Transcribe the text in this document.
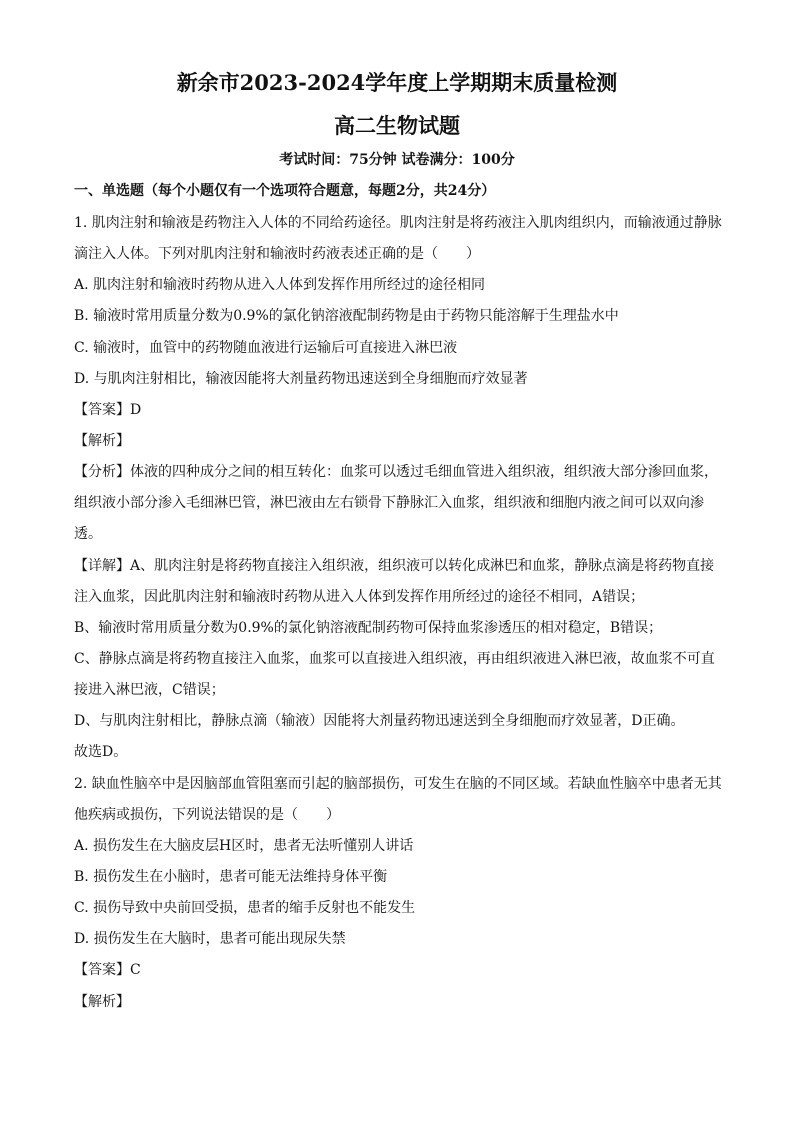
新余市2023-2024学年度上学期期末质量检测
高二生物试题
考试时间：75分钟 试卷满分：100分
一、单选题（每个小题仅有一个选项符合题意，每题2分，共24分）
1. 肌肉注射和输液是药物注入人体的不同给药途径。肌肉注射是将药液注入肌肉组织内，而输液通过静脉
滴注入人体。下列对肌肉注射和输液时药液表述正确的是（　　）
A. 肌肉注射和输液时药物从进入人体到发挥作用所经过的途径相同
B. 输液时常用质量分数为0.9%的氯化钠溶液配制药物是由于药物只能溶解于生理盐水中
C. 输液时，血管中的药物随血液进行运输后可直接进入淋巴液
D. 与肌肉注射相比，输液因能将大剂量药物迅速送到全身细胞而疗效显著
【答案】D
【解析】
【分析】体液的四种成分之间的相互转化：血浆可以透过毛细血管进入组织液，组织液大部分渗回血浆，
组织液小部分渗入毛细淋巴管，淋巴液由左右锁骨下静脉汇入血浆，组织液和细胞内液之间可以双向渗
透。
【详解】A、肌肉注射是将药物直接注入组织液，组织液可以转化成淋巴和血浆，静脉点滴是将药物直接
注入血浆，因此肌肉注射和输液时药物从进入人体到发挥作用所经过的途径不相同，A错误；
B、输液时常用质量分数为0.9%的氯化钠溶液配制药物可保持血浆渗透压的相对稳定，B错误；
C、静脉点滴是将药物直接注入血浆，血浆可以直接进入组织液，再由组织液进入淋巴液，故血浆不可直
接进入淋巴液，C错误；
D、与肌肉注射相比，静脉点滴（输液）因能将大剂量药物迅速送到全身细胞而疗效显著，D正确。
故选D。
2. 缺血性脑卒中是因脑部血管阻塞而引起的脑部损伤，可发生在脑的不同区域。若缺血性脑卒中患者无其
他疾病或损伤，下列说法错误的是（　　）
A. 损伤发生在大脑皮层H区时，患者无法听懂别人讲话
B. 损伤发生在小脑时，患者可能无法维持身体平衡
C. 损伤导致中央前回受损，患者的缩手反射也不能发生
D. 损伤发生在大脑时，患者可能出现尿失禁
【答案】C
【解析】
